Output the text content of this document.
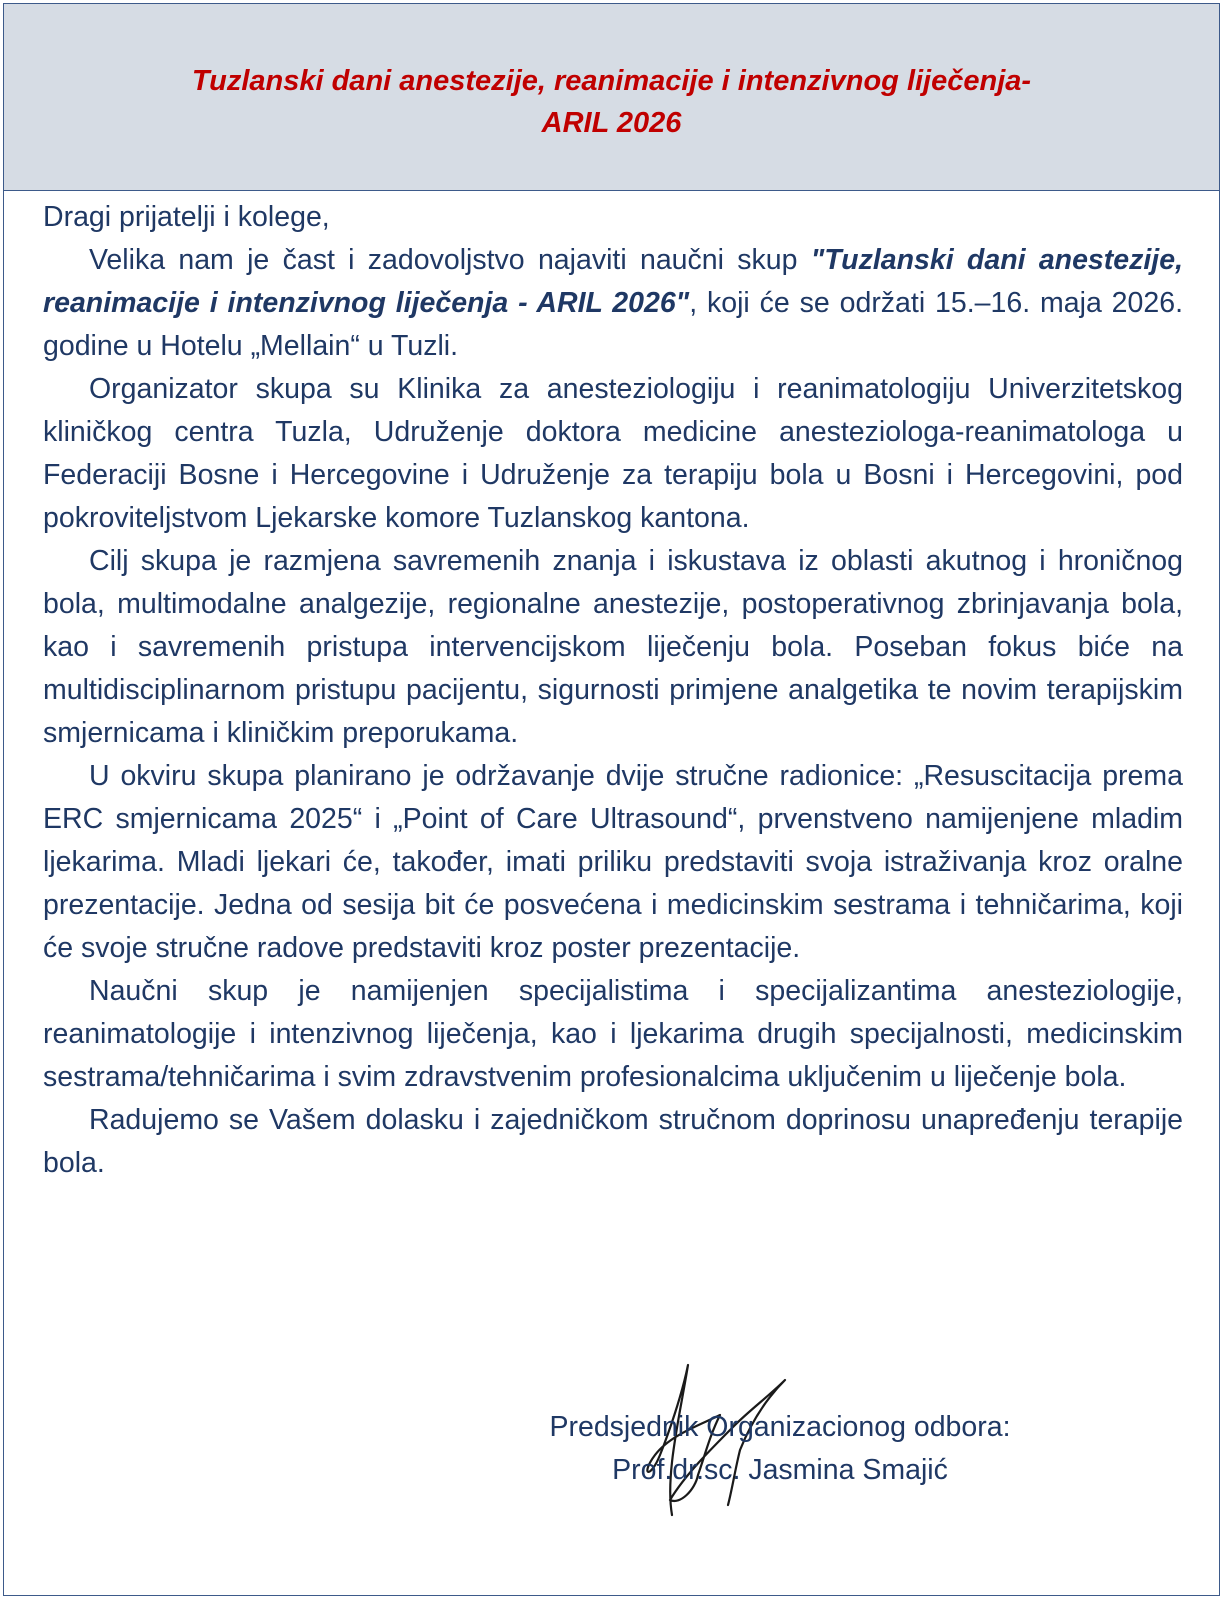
Tuzlanski dani anestezije, reanimacije i intenzivnog liječenja-
ARIL 2026

Dragi prijatelji i kolege,

Velika nam je čast i zadovoljstvo najaviti naučni skup "Tuzlanski dani anestezije, reanimacije i intenzivnog liječenja - ARIL 2026", koji će se održati 15.–16. maja 2026. godine u Hotelu „Mellain“ u Tuzli.

Organizator skupa su Klinika za anesteziologiju i reanimatologiju Univerzitetskog kliničkog centra Tuzla, Udruženje doktora medicine anesteziologa-reanimatologa u Federaciji Bosne i Hercegovine i Udruženje za terapiju bola u Bosni i Hercegovini, pod pokroviteljstvom Ljekarske komore Tuzlanskog kantona.

Cilj skupa je razmjena savremenih znanja i iskustava iz oblasti akutnog i hroničnog bola, multimodalne analgezije, regionalne anestezije, postoperativnog zbrinjavanja bola, kao i savremenih pristupa intervencijskom liječenju bola. Poseban fokus biće na multidisciplinarnom pristupu pacijentu, sigurnosti primjene analgetika te novim terapijskim smjernicama i kliničkim preporukama.

U okviru skupa planirano je održavanje dvije stručne radionice: „Resuscitacija prema ERC smjernicama 2025“ i „Point of Care Ultrasound“, prvenstveno namijenjene mladim ljekarima. Mladi ljekari će, također, imati priliku predstaviti svoja istraživanja kroz oralne prezentacije. Jedna od sesija bit će posvećena i medicinskim sestrama i tehničarima, koji će svoje stručne radove predstaviti kroz poster prezentacije.

Naučni skup je namijenjen specijalistima i specijalizantima anesteziologije, reanimatologije i intenzivnog liječenja, kao i ljekarima drugih specijalnosti, medicinskim sestrama/tehničarima i svim zdravstvenim profesionalcima uključenim u liječenje bola.

Radujemo se Vašem dolasku i zajedničkom stručnom doprinosu unapređenju terapije bola.

Predsjednik Organizacionog odbora:
Prof.dr.sc. Jasmina Smajić
